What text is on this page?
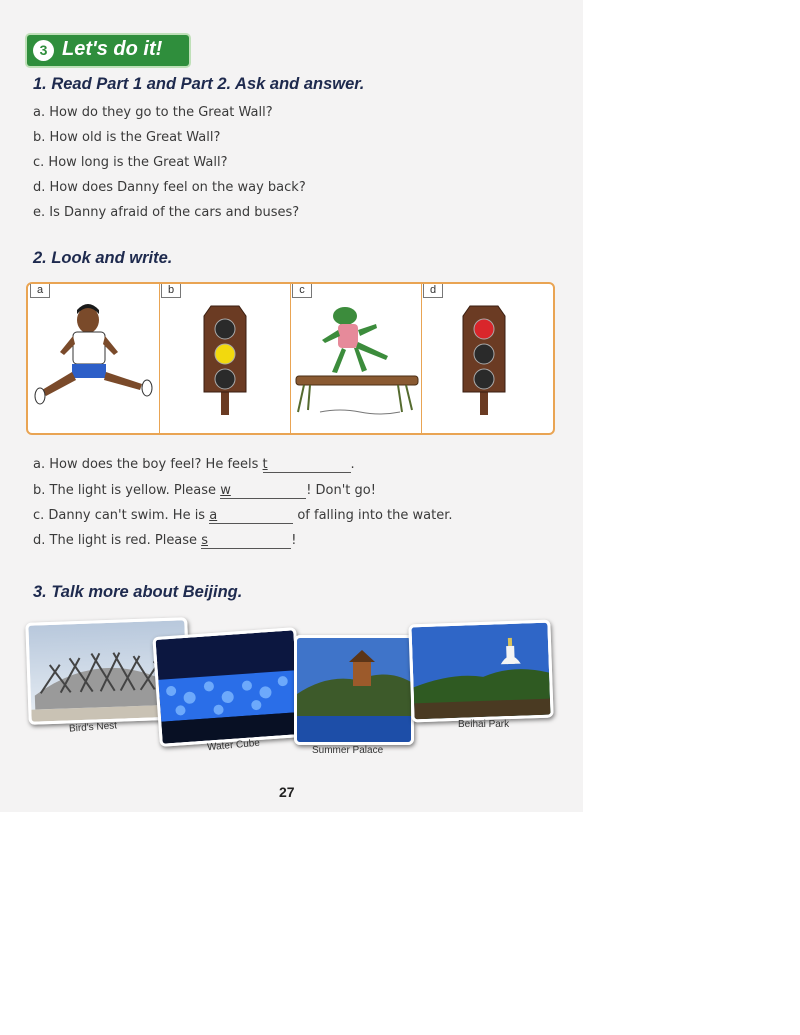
3 Let's do it!
1. Read Part 1 and Part 2. Ask and answer.
a. How do they go to the Great Wall?
b. How old is the Great Wall?
c. How long is the Great Wall?
d. How does Danny feel on the way back?
e. Is Danny afraid of the cars and buses?
2. Look and write.
a	b	c	d
a. How does the boy feel? He feels t	.
b. The light is yellow. Please w	! Don't go!
c. Danny can't swim. He is a	of falling into the water.
d. The light is red. Please s	!
3. Talk more about Beijing.
Bird's Nest
Water Cube	Summer Palace
Beihai Park
27
